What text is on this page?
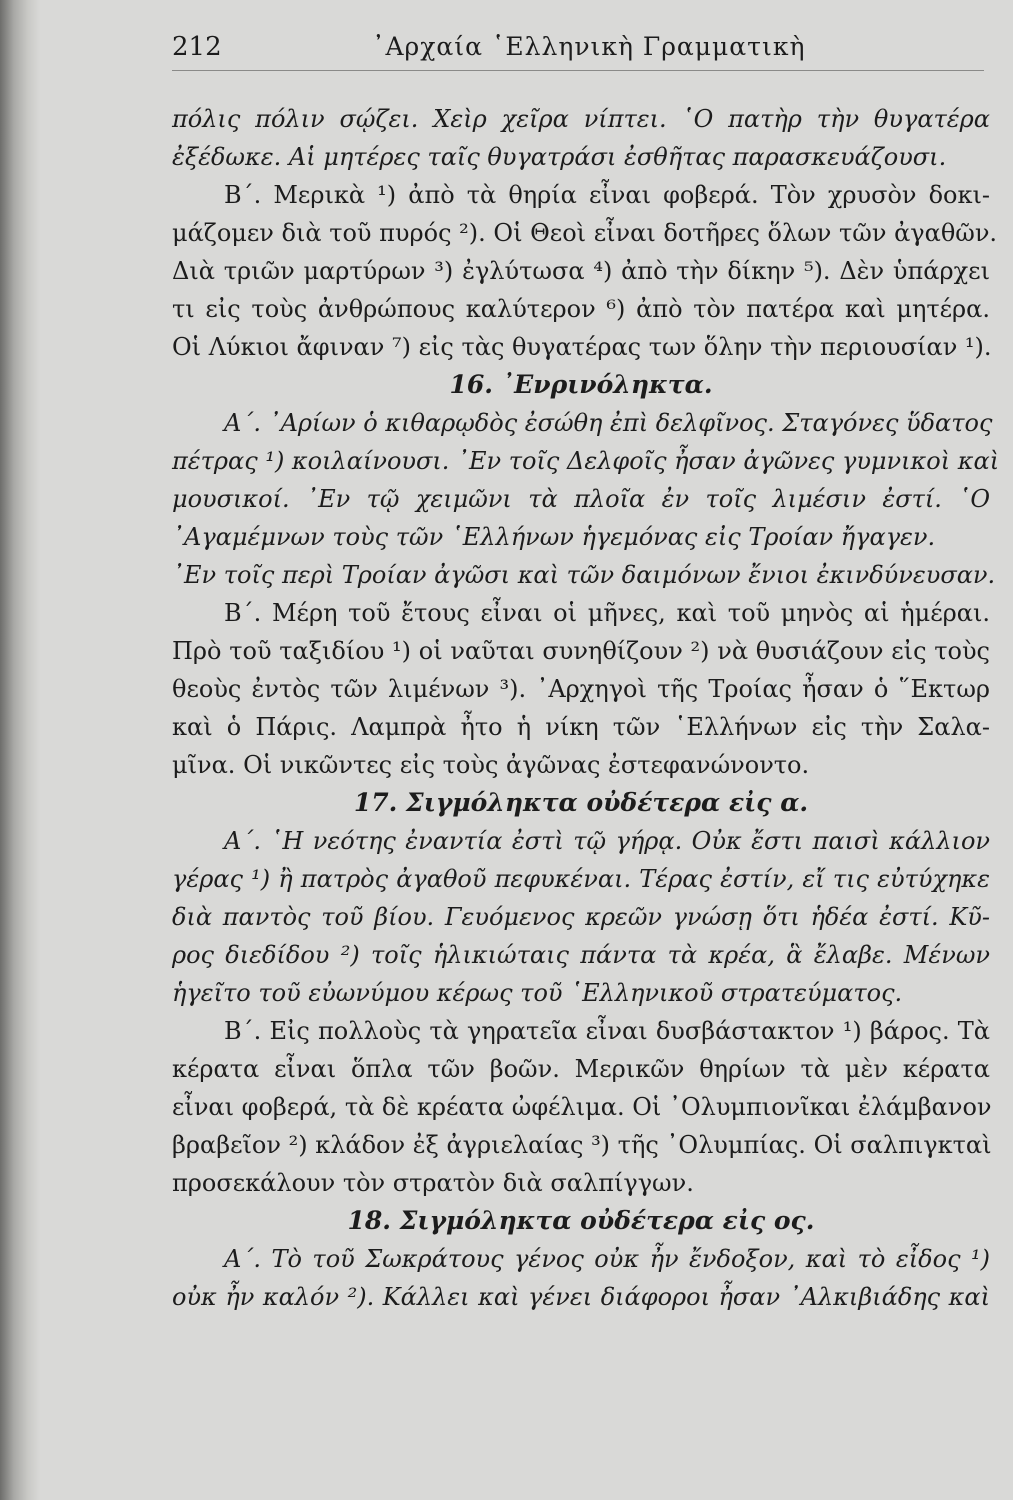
212	᾿Αρχαία ῾Ελληνικὴ Γραμματικὴ
πόλις πόλιν σῴζει. Χεὶρ χεῖρα νίπτει. ῾Ο πατὴρ τὴν θυγατέρα
ἐξέδωκε. Αἱ μητέρες ταῖς θυγατράσι ἐσθῆτας παρασκευάζουσι.
Β΄. Μερικὰ ¹) ἀπὸ τὰ θηρία εἶναι φοβερά. Τὸν χρυσὸν δοκι-
μάζομεν διὰ τοῦ πυρός ²). Οἱ Θεοὶ εἶναι δοτῆρες ὅλων τῶν ἀγαθῶν.
Διὰ τριῶν μαρτύρων ³) ἐγλύτωσα ⁴) ἀπὸ τὴν δίκην ⁵). Δὲν ὑπάρχει
τι εἰς τοὺς ἀνθρώπους καλύτερον ⁶) ἀπὸ τὸν πατέρα καὶ μητέρα.
Οἱ Λύκιοι ἄφιναν ⁷) εἰς τὰς θυγατέρας των ὅλην τὴν περιουσίαν ¹).
16. ᾿Ενρινόληκτα.
Α΄. ᾿Αρίων ὁ κιθαρῳδὸς ἐσώθη ἐπὶ δελφῖνος. Σταγόνες ὕδατος
πέτρας ¹) κοιλαίνουσι. ᾿Εν τοῖς Δελφοῖς ἦσαν ἀγῶνες γυμνικοὶ καὶ
μουσικοί. ᾿Εν τῷ χειμῶνι τὰ πλοῖα ἐν τοῖς λιμέσιν ἐστί. ῾Ο
᾿Αγαμέμνων τοὺς τῶν ῾Ελλήνων ἡγεμόνας εἰς Τροίαν ἤγαγεν.
᾿Εν τοῖς περὶ Τροίαν ἀγῶσι καὶ τῶν δαιμόνων ἔνιοι ἐκινδύνευσαν.
Β΄. Μέρη τοῦ ἔτους εἶναι οἱ μῆνες, καὶ τοῦ μηνὸς αἱ ἡμέραι.
Πρὸ τοῦ ταξιδίου ¹) οἱ ναῦται συνηθίζουν ²) νὰ θυσιάζουν εἰς τοὺς
θεοὺς ἐντὸς τῶν λιμένων ³). ᾿Αρχηγοὶ τῆς Τροίας ἦσαν ὁ ῞Εκτωρ
καὶ ὁ Πάρις. Λαμπρὰ ἦτο ἡ νίκη τῶν ῾Ελλήνων εἰς τὴν Σαλα-
μῖνα. Οἱ νικῶντες εἰς τοὺς ἀγῶνας ἐστεφανώνοντο.
17. Σιγμόληκτα οὐδέτερα εἰς α.
Α΄. ῾Η νεότης ἐναντία ἐστὶ τῷ γήρᾳ. Οὐκ ἔστι παισὶ κάλλιον
γέρας ¹) ἢ πατρὸς ἀγαθοῦ πεφυκέναι. Τέρας ἐστίν, εἴ τις εὐτύχηκε
διὰ παντὸς τοῦ βίου. Γευόμενος κρεῶν γνώσῃ ὅτι ἡδέα ἐστί. Κῦ-
ρος διεδίδου ²) τοῖς ἡλικιώταις πάντα τὰ κρέα, ἃ ἔλαβε. Μένων
ἡγεῖτο τοῦ εὐωνύμου κέρως τοῦ ῾Ελληνικοῦ στρατεύματος.
Β΄. Εἰς πολλοὺς τὰ γηρατεῖα εἶναι δυσβάστακτον ¹) βάρος. Τὰ
κέρατα εἶναι ὅπλα τῶν βοῶν. Μερικῶν θηρίων τὰ μὲν κέρατα
εἶναι φοβερά, τὰ δὲ κρέατα ὠφέλιμα. Οἱ ᾿Ολυμπιονῖκαι ἐλάμβανον
βραβεῖον ²) κλάδον ἐξ ἀγριελαίας ³) τῆς ᾿Ολυμπίας. Οἱ σαλπιγκταὶ
προσεκάλουν τὸν στρατὸν διὰ σαλπίγγων.
18. Σιγμόληκτα οὐδέτερα εἰς ος.
Α΄. Τὸ τοῦ Σωκράτους γένος οὐκ ἦν ἔνδοξον, καὶ τὸ εἶδος ¹)
οὐκ ἦν καλόν ²). Κάλλει καὶ γένει διάφοροι ἦσαν ᾿Αλκιβιάδης καὶ
